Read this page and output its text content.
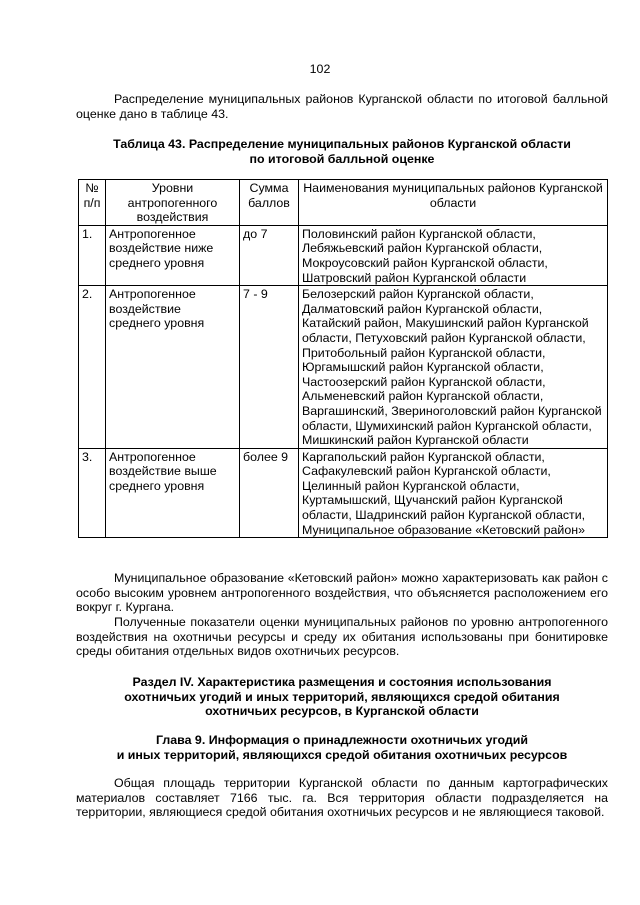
102

Распределение муниципальных районов Курганской области по итоговой балльной оценке дано в таблице 43.

Таблица 43. Распределение муниципальных районов Курганской области
по итоговой балльной оценке
№ п/п	Уровни антропогенного воздействия	Сумма баллов	Наименования муниципальных районов Курганской области
1.	Антропогенное воздействие ниже среднего уровня	до 7	Половинский район Курганской области, Лебяжьевский район Курганской области, Мокроусовский район Курганской области, Шатровский район Курганской области
2.	Антропогенное воздействие среднего уровня	7 - 9	Белозерский район Курганской области, Далматовский район Курганской области, Катайский район, Макушинский район Курганской области, Петуховский район Курганской области, Притобольный район Курганской области, Юргамышский район Курганской области, Частоозерский район Курганской области, Альменевский район Курганской области, Варгашинский, Звериноголовский район Курганской области, Шумихинский район Курганской области, Мишкинский район Курганской области
3.	Антропогенное воздействие выше среднего уровня	более 9	Каргапольский район Курганской области, Сафакулевский район Курганской области, Целинный район Курганской области, Куртамышский, Щучанский район Курганской области, Шадринский район Курганской области, Муниципальное образование «Кетовский район»

Муниципальное образование «Кетовский район» можно характеризовать как район с особо высоким уровнем антропогенного воздействия, что объясняется расположением его вокруг г. Кургана.

Полученные показатели оценки муниципальных районов по уровню антропогенного воздействия на охотничьи ресурсы и среду их обитания использованы при бонитировке среды обитания отдельных видов охотничьих ресурсов.

Раздел IV. Характеристика размещения и состояния использования
охотничьих угодий и иных территорий, являющихся средой обитания
охотничьих ресурсов, в Курганской области
Глава 9. Информация о принадлежности охотничьих угодий
и иных территорий, являющихся средой обитания охотничьих ресурсов

Общая площадь территории Курганской области по данным картографических материалов составляет 7166 тыс. га. Вся территория области подразделяется на территории, являющиеся средой обитания охотничьих ресурсов и не являющиеся таковой.
